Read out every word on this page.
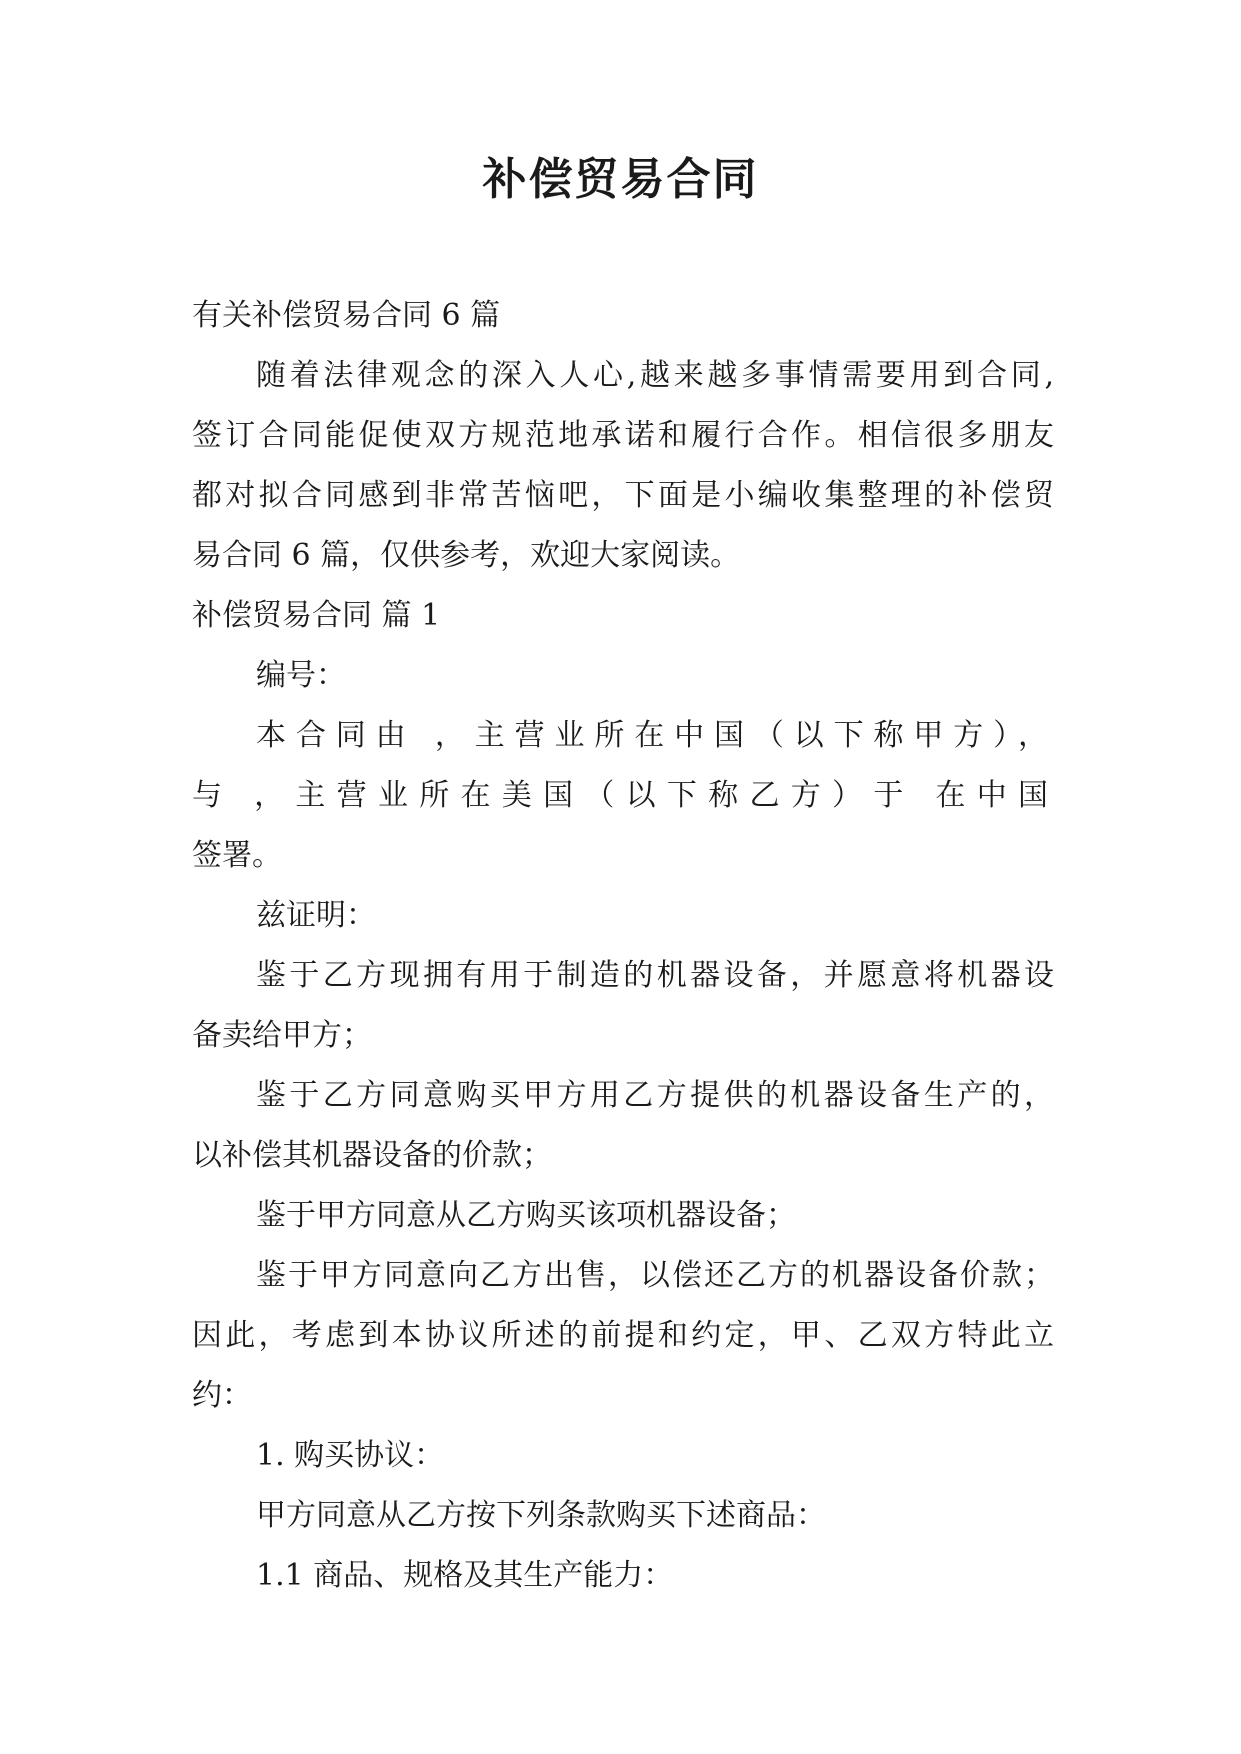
补偿贸易合同
有关补偿贸易合同 6 篇
随着法律观念的深入人心,越来越多事情需要用到合同,
签订合同能促使双方规范地承诺和履行合作。相信很多朋友
都对拟合同感到非常苦恼吧，下面是小编收集整理的补偿贸
易合同 6 篇，仅供参考，欢迎大家阅读。
补偿贸易合同 篇 1
编号：
本合同由 ，主营业所在中国（以下称甲方），
与 ，主营业所在美国（以下称乙方）于 在中国
签署。
兹证明：
鉴于乙方现拥有用于制造的机器设备，并愿意将机器设
备卖给甲方；
鉴于乙方同意购买甲方用乙方提供的机器设备生产的，
以补偿其机器设备的价款；
鉴于甲方同意从乙方购买该项机器设备；
鉴于甲方同意向乙方出售，以偿还乙方的机器设备价款；
因此，考虑到本协议所述的前提和约定，甲、乙双方特此立
约：
1. 购买协议：
甲方同意从乙方按下列条款购买下述商品：
1.1 商品、规格及其生产能力：
